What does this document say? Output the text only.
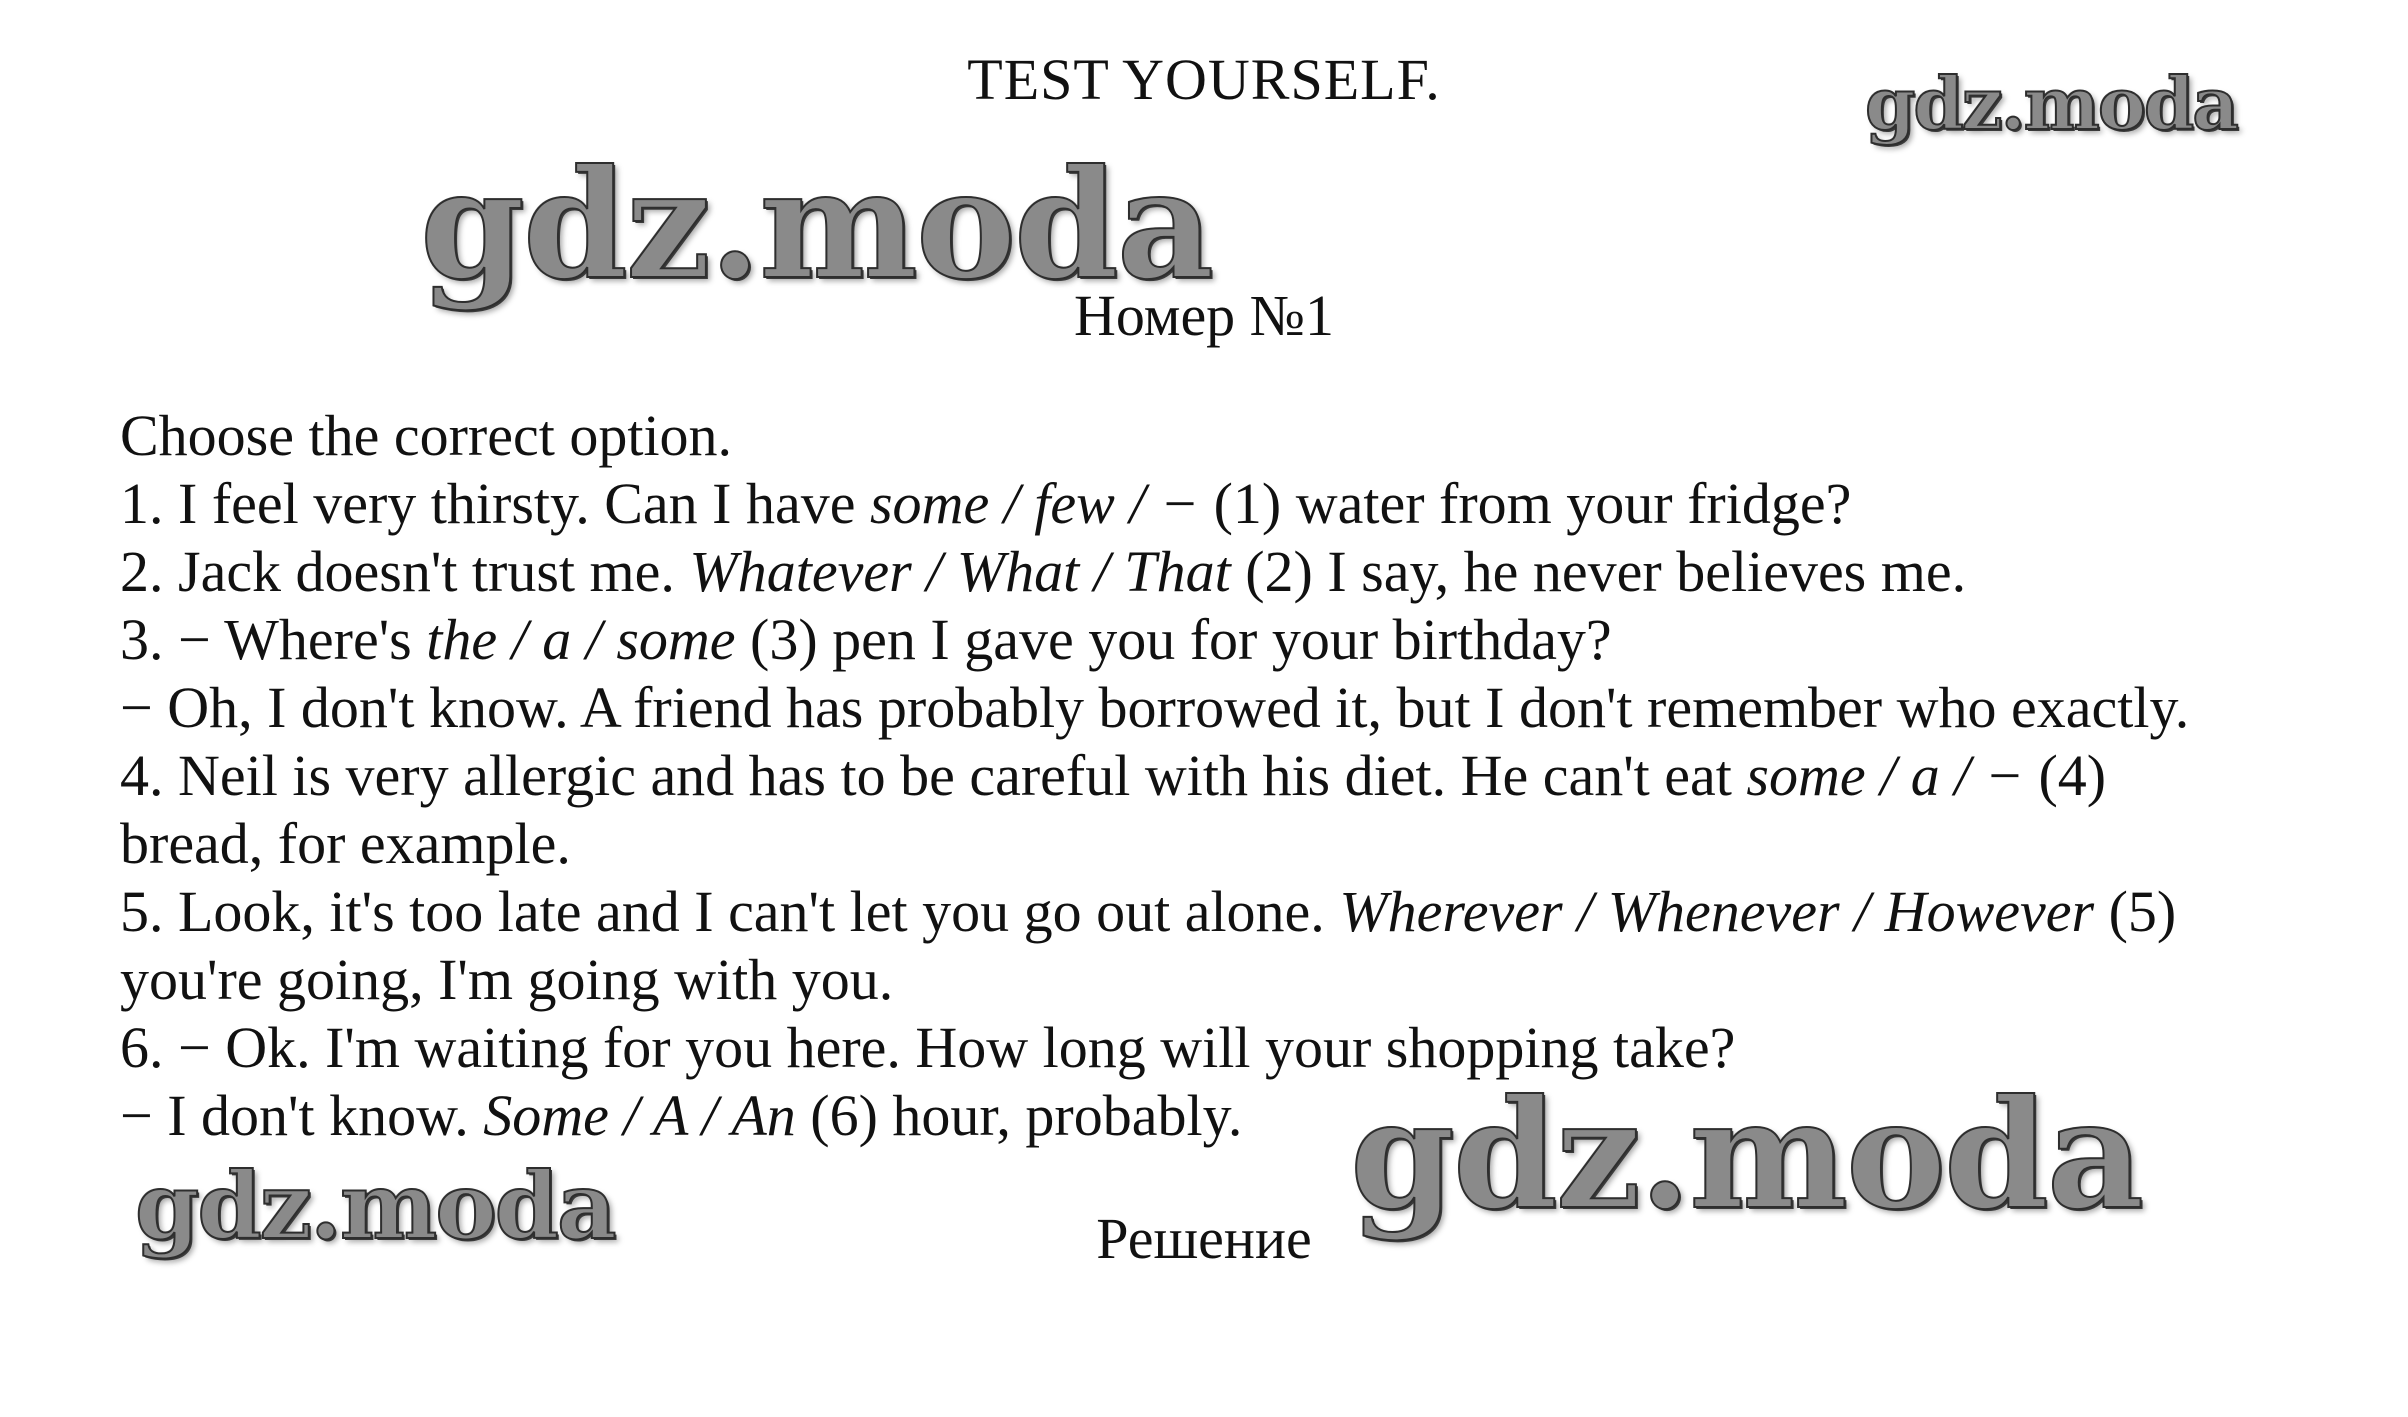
TEST YOURSELF.	gdz.moda
gdz.moda
Номер №1
Choose the correct option.
1. I feel very thirsty. Can I have some / few / − (1) water from your fridge?
2. Jack doesn't trust me. Whatever / What / That (2) I say, he never believes me.
3. − Where's the / a / some (3) pen I gave you for your birthday?
− Oh, I don't know. A friend has probably borrowed it, but I don't remember who exactly.
4. Neil is very allergic and has to be careful with his diet. He can't eat some / a / − (4)
bread, for example.
5. Look, it's too late and I can't let you go out alone. Wherever / Whenever / However (5)
you're going, I'm going with you.
6. − Ok. I'm waiting for you here. How long will your shopping take?
− I don't know. Some / A / An (6) hour, probably. gdz.moda
gdz.moda	Решение
